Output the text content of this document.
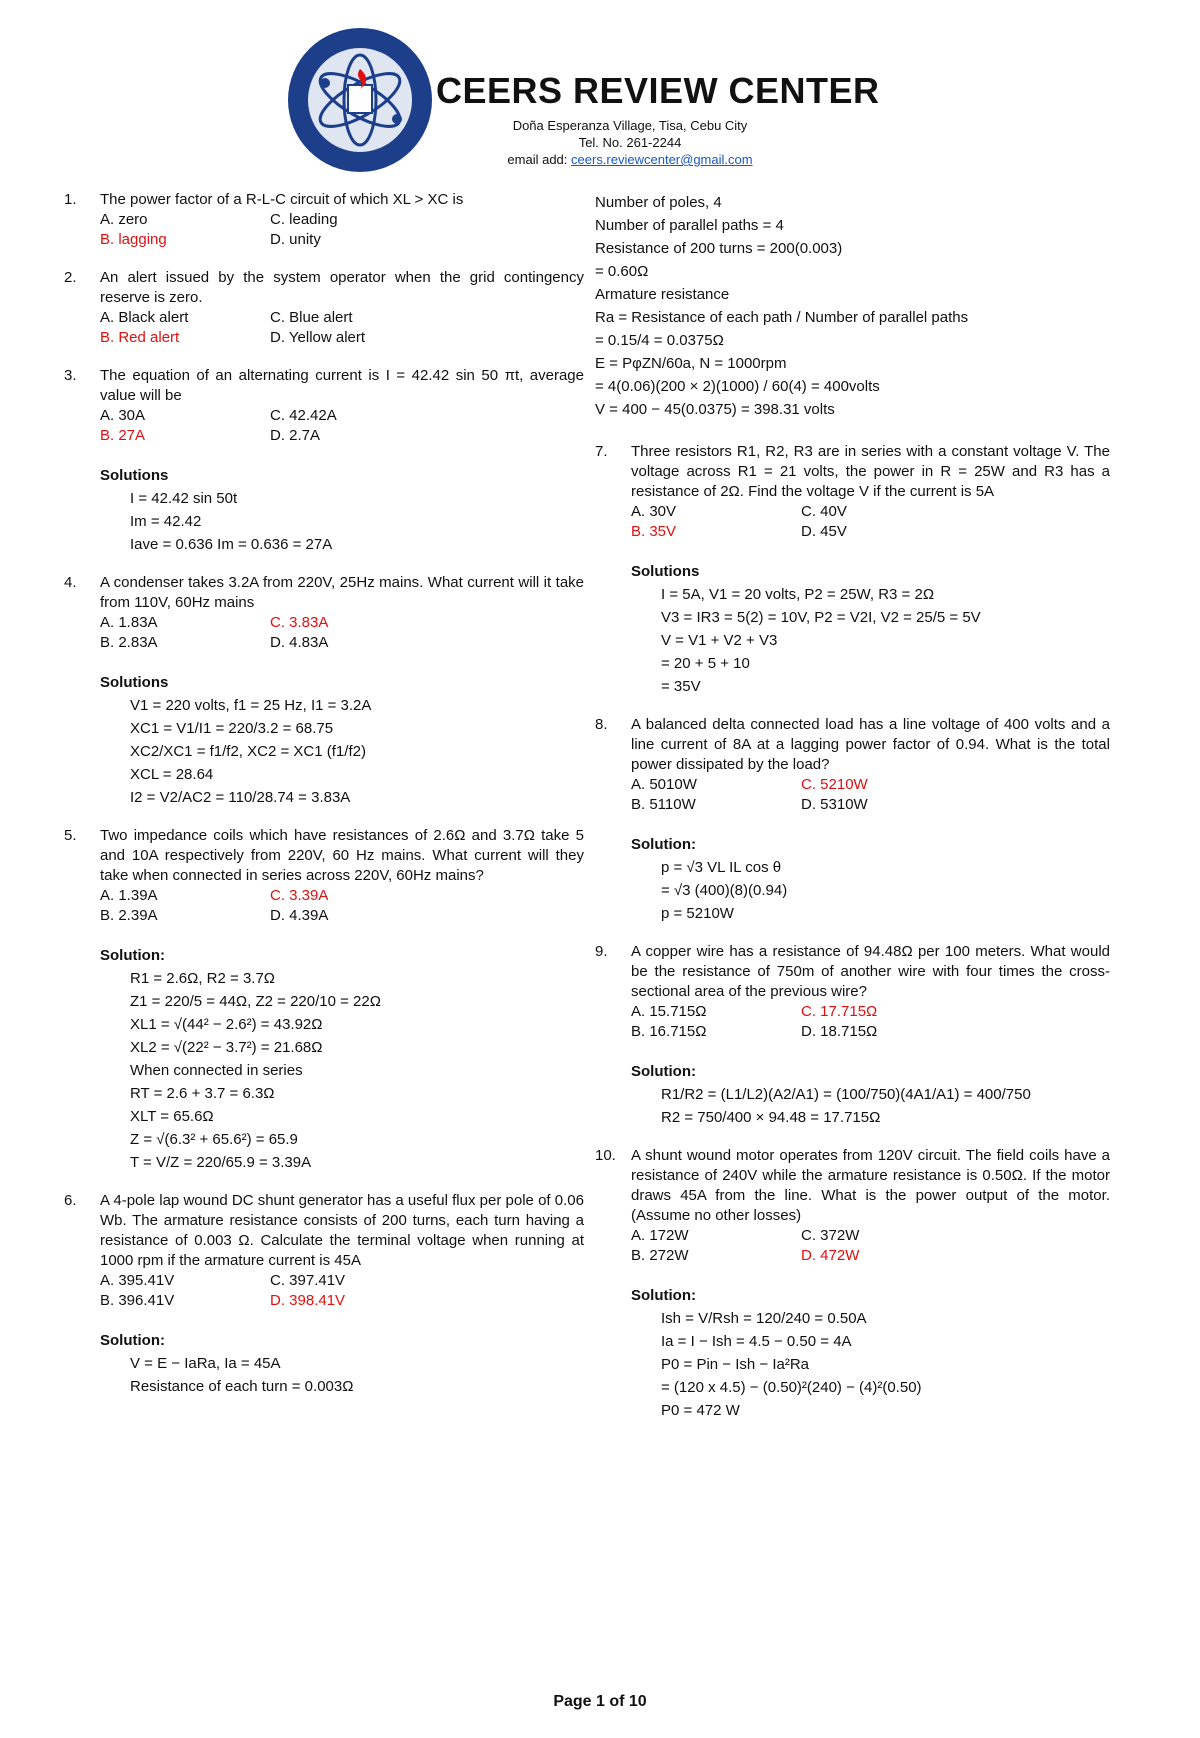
CEERS REVIEW CENTER
Doña Esperanza Village, Tisa, Cebu City
Tel. No. 261-2244
email add: ceers.reviewcenter@gmail.com
1. The power factor of a R-L-C circuit of which XL > XC is
A. zero	C. leading
B. lagging	D. unity
2. An alert issued by the system operator when the grid contingency reserve is zero.
A. Black alert	C. Blue alert
B. Red alert	D. Yellow alert
3. The equation of an alternating current is I = 42.42 sin 50 πt, average value will be
A. 30A	C. 42.42A
B. 27A	D. 2.7A
Solutions
I = 42.42 sin 50t
Im = 42.42
Iave = 0.636 Im = 0.636 = 27A
4. A condenser takes 3.2A from 220V, 25Hz mains. What current will it take from 110V, 60Hz mains
A. 1.83A	C. 3.83A
B. 2.83A	D. 4.83A
Solutions
V1 = 220 volts, f1 = 25 Hz, I1 = 3.2A
XC1 = V1/I1 = 220/3.2 = 68.75
XC2/XC1 = f1/f2, XC2 = XC1 (f1/f2)
XCL = 28.64
I2 = V2/AC2 = 110/28.74 = 3.83A
5. Two impedance coils which have resistances of 2.6Ω and 3.7Ω take 5 and 10A respectively from 220V, 60 Hz mains. What current will they take when connected in series across 220V, 60Hz mains?
A. 1.39A	C. 3.39A
B. 2.39A	D. 4.39A
Solution:
R1 = 2.6Ω, R2 = 3.7Ω
Z1 = 220/5 = 44Ω, Z2 = 220/10 = 22Ω
XL1 = √(44² − 2.6²) = 43.92Ω
XL2 = √(22² − 3.7²) = 21.68Ω
When connected in series
RT = 2.6 + 3.7 = 6.3Ω
XLT = 65.6Ω
Z = √(6.3² + 65.6²) = 65.9
T = V/Z = 220/65.9 = 3.39A
6. A 4-pole lap wound DC shunt generator has a useful flux per pole of 0.06 Wb. The armature resistance consists of 200 turns, each turn having a resistance of 0.003 Ω. Calculate the terminal voltage when running at 1000 rpm if the armature current is 45A
A. 395.41V	C. 397.41V
B. 396.41V	D. 398.41V
Solution:
V = E − IaRa, Ia = 45A
Resistance of each turn = 0.003Ω
Number of poles, 4
Number of parallel paths = 4
Resistance of 200 turns = 200(0.003)
= 0.60Ω
Armature resistance
Ra = Resistance of each path / Number of parallel paths
= 0.15/4 = 0.0375Ω
E = PφZN/60a, N = 1000rpm
= 4(0.06)(200 × 2)(1000) / 60(4) = 400volts
V = 400 − 45(0.0375) = 398.31 volts
7. Three resistors R1, R2, R3 are in series with a constant voltage V. The voltage across R1 = 21 volts, the power in R = 25W and R3 has a resistance of 2Ω. Find the voltage V if the current is 5A
A. 30V	C. 40V
B. 35V	D. 45V
Solutions
I = 5A, V1 = 20 volts, P2 = 25W, R3 = 2Ω
V3 = IR3 = 5(2) = 10V, P2 = V2I, V2 = 25/5 = 5V
V = V1 + V2 + V3
= 20 + 5 + 10
= 35V
8. A balanced delta connected load has a line voltage of 400 volts and a line current of 8A at a lagging power factor of 0.94. What is the total power dissipated by the load?
A. 5010W	C. 5210W
B. 5110W	D. 5310W
Solution:
p = √3 VL IL cos θ
= √3 (400)(8)(0.94)
p = 5210W
9. A copper wire has a resistance of 94.48Ω per 100 meters. What would be the resistance of 750m of another wire with four times the cross-sectional area of the previous wire?
A. 15.715Ω	C. 17.715Ω
B. 16.715Ω	D. 18.715Ω
Solution:
R1/R2 = (L1/L2)(A2/A1) = (100/750)(4A1/A1) = 400/750
R2 = 750/400 × 94.48 = 17.715Ω
10. A shunt wound motor operates from 120V circuit. The field coils have a resistance of 240V while the armature resistance is 0.50Ω. If the motor draws 45A from the line. What is the power output of the motor. (Assume no other losses)
A. 172W	C. 372W
B. 272W	D. 472W
Solution:
Ish = V/Rsh = 120/240 = 0.50A
Ia = I − Ish = 4.5 − 0.50 = 4A
P0 = Pin − Ish − Ia²Ra
= (120 x 4.5) − (0.50)²(240) − (4)²(0.50)
P0 = 472 W
Page 1 of 10
